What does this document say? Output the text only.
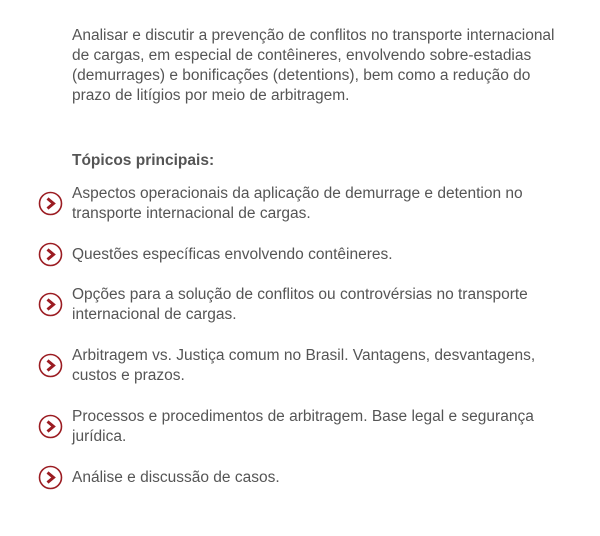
Analisar e discutir a prevenção de conflitos no transporte internacional de cargas, em especial de contêineres, envolvendo sobre-estadias (demurrages) e bonificações (detentions), bem como a redução do prazo de litígios por meio de arbitragem.

Tópicos principais:
Aspectos operacionais da aplicação de demurrage e detention no transporte internacional de cargas.
Questões específicas envolvendo contêineres.
Opções para a solução de conflitos ou controvérsias no transporte internacional de cargas.
Arbitragem vs. Justiça comum no Brasil. Vantagens, desvantagens, custos e prazos.
Processos e procedimentos de arbitragem. Base legal e segurança jurídica.
Análise e discussão de casos.
